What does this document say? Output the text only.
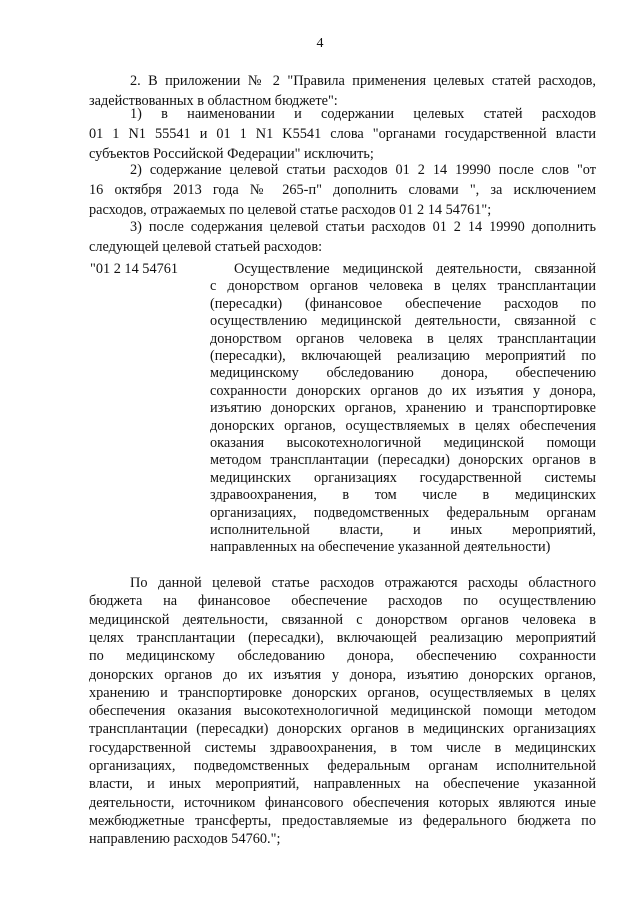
4
2. В приложении № 2 "Правила применения целевых статей расходов,
задействованных в областном бюджете":
1) в наименовании и содержании целевых статей расходов
01 1 N1 55541 и 01 1 N1 K5541 слова "органами государственной власти
субъектов Российской Федерации" исключить;
2) содержание целевой статьи расходов 01 2 14 19990 после слов "от
16 октября 2013 года № 265-п" дополнить словами ", за исключением
расходов, отражаемых по целевой статье расходов 01 2 14 54761";
3) после содержания целевой статьи расходов 01 2 14 19990 дополнить
следующей целевой статьей расходов:
"01 2 14 54761	Осуществление медицинской деятельности, связанной
с донорством органов человека в целях трансплантации
(пересадки) (финансовое обеспечение расходов по
осуществлению медицинской деятельности, связанной с
донорством органов человека в целях трансплантации
(пересадки), включающей реализацию мероприятий по
медицинскому обследованию донора, обеспечению
сохранности донорских органов до их изъятия у донора,
изъятию донорских органов, хранению и транспортировке
донорских органов, осуществляемых в целях обеспечения
оказания высокотехнологичной медицинской помощи
методом трансплантации (пересадки) донорских органов в
медицинских организациях государственной системы
здравоохранения, в том числе в медицинских
организациях, подведомственных федеральным органам
исполнительной власти, и иных мероприятий,
направленных на обеспечение указанной деятельности)
По данной целевой статье расходов отражаются расходы областного
бюджета на финансовое обеспечение расходов по осуществлению
медицинской деятельности, связанной с донорством органов человека в
целях трансплантации (пересадки), включающей реализацию мероприятий
по медицинскому обследованию донора, обеспечению сохранности
донорских органов до их изъятия у донора, изъятию донорских органов,
хранению и транспортировке донорских органов, осуществляемых в целях
обеспечения оказания высокотехнологичной медицинской помощи методом
трансплантации (пересадки) донорских органов в медицинских организациях
государственной системы здравоохранения, в том числе в медицинских
организациях, подведомственных федеральным органам исполнительной
власти, и иных мероприятий, направленных на обеспечение указанной
деятельности, источником финансового обеспечения которых являются иные
межбюджетные трансферты, предоставляемые из федерального бюджета по
направлению расходов 54760.";
